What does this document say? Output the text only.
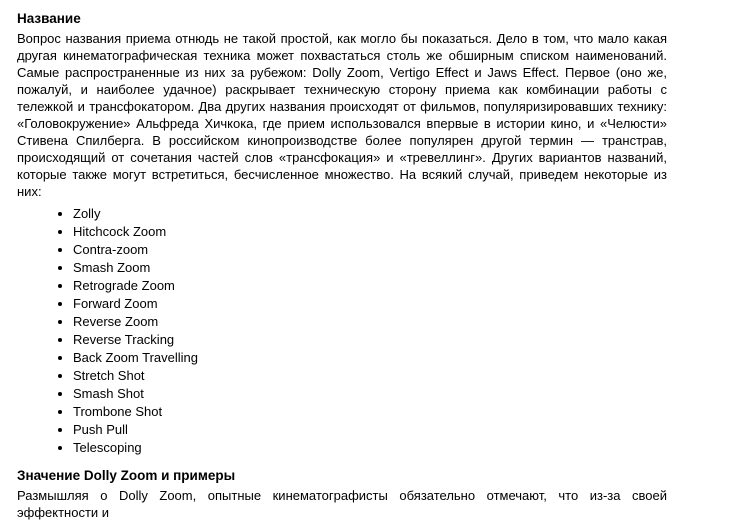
Название

Вопрос названия приема отнюдь не такой простой, как могло бы показаться. Дело в том, что мало какая другая кинематографическая техника может похвастаться столь же обширным списком наименований. Самые распространенные из них за рубежом: Dolly Zoom, Vertigo Effect и Jaws Effect. Первое (оно же, пожалуй, и наиболее удачное) раскрывает техническую сторону приема как комбинации работы с тележкой и трансфокатором. Два других названия происходят от фильмов, популяризировавших технику: «Головокружение» Альфреда Хичкока, где прием использовался впервые в истории кино, и «Челюсти» Стивена Спилберга. В российском кинопроизводстве более популярен другой термин — транстрав, происходящий от сочетания частей слов «трансфокация» и «тревеллинг». Других вариантов названий, которые также могут встретиться, бесчисленное множество. На всякий случай, приведем некоторые из них:

• Zolly
• Hitchcock Zoom
• Contra-zoom
• Smash Zoom
• Retrograde Zoom
• Forward Zoom
• Reverse Zoom
• Reverse Tracking
• Back Zoom Travelling
• Stretch Shot
• Smash Shot
• Trombone Shot
• Push Pull
• Telescoping
Значение Dolly Zoom и примеры

Размышляя о Dolly Zoom, опытные кинематографисты обязательно отмечают, что из-за своей эффектности и
